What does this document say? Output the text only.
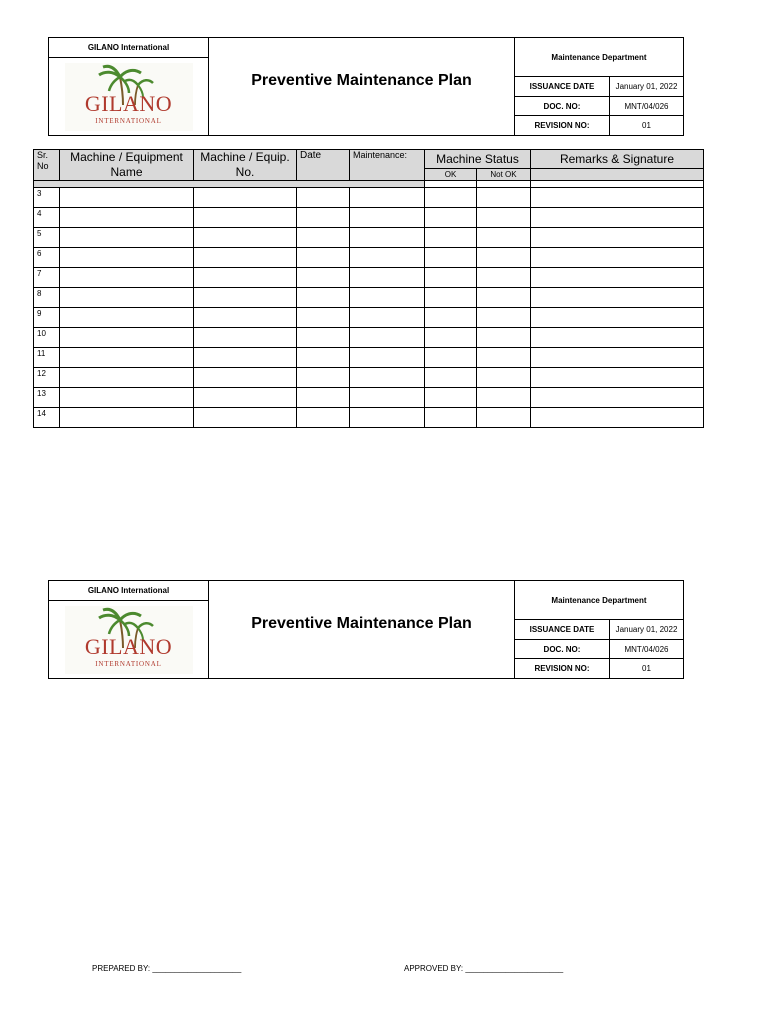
GILANO International
GILANO
INTERNATIONAL
Preventive Maintenance Plan
Maintenance Department
ISSUANCE DATE	January 01, 2022
DOC. NO:	MNT/04/026
REVISION NO:	01
Sr. No	Machine / Equipment Name	Machine / Equip. No.	Date	Maintenance:	Machine Status		Remarks & Signature
					OK	Not OK	

3							
4							
5							
6							
7							
8							
9							
10							
11							
12							
13							
14							
GILANO International
GILANO
INTERNATIONAL
Preventive Maintenance Plan
Maintenance Department
ISSUANCE DATE	January 01, 2022
DOC. NO:	MNT/04/026
REVISION NO:	01
PREPARED BY: ____________________	APPROVED BY: ______________________
